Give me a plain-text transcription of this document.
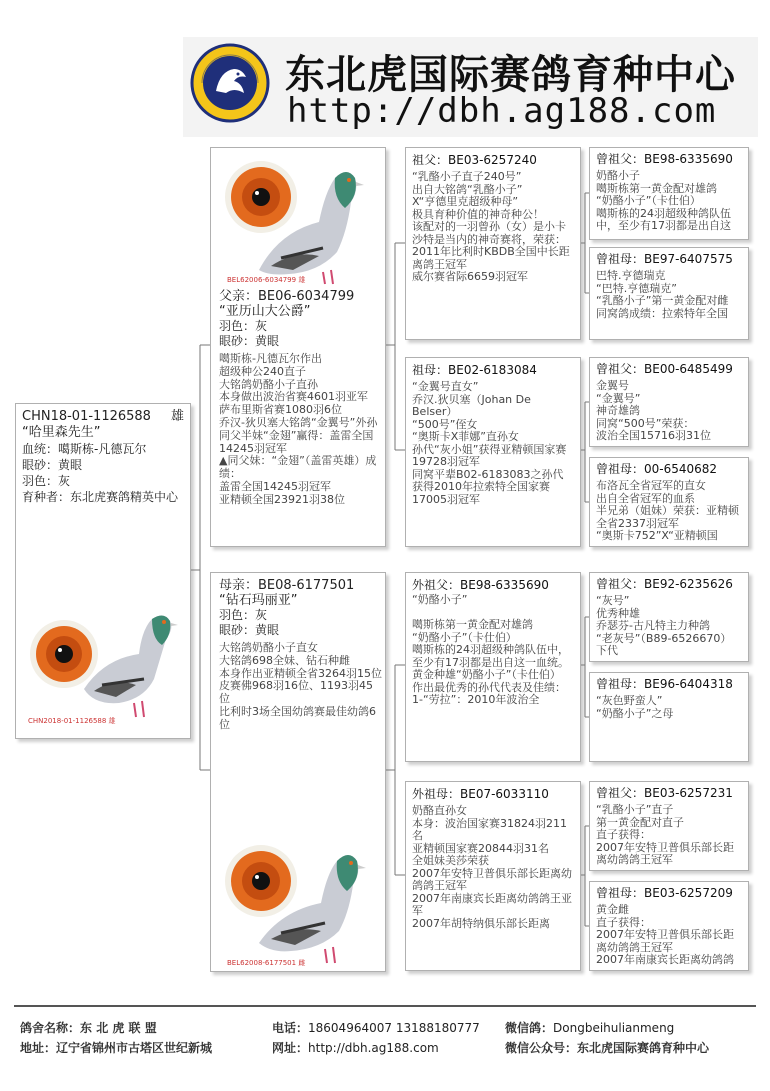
东北虎国际赛鸽育种中心
http://dbh.ag188.com
CHN18-01-1126588 雄
“哈里森先生”
血统：噶斯栋-凡德瓦尔
眼砂：黄眼
羽色：灰
育种者：东北虎赛鸽精英中心
CHN2018-01-1126588 雄
BEL62006-6034799 雄
父亲：BE06-6034799
“亚历山大公爵”
羽色：灰
眼砂：黄眼

噶斯栋-凡德瓦尔作出
超级种公240直子
大铭鸽奶酪小子直孙
本身做出波治省赛4601羽亚军
萨布里斯省赛1080羽6位
乔汉-狄贝塞大铭鸽“金翼号”外孙
同父半妹“金翅”赢得：盖雷全国14245羽冠军
▲同父妹：“金翅”（盖雷英雄）成绩：
盖雷全国14245羽冠军
亚精顿全国23921羽38位

母亲：BE08-6177501
“钻石玛丽亚”
羽色：灰
眼砂：黄眼

大铭鸽奶酪小子直女
大铭鸽698全妹、钻石种雌
本身作出亚精顿全省3264羽15位
皮赛佛968羽16位、1193羽45位
比利时3场全国幼鸽赛最佳幼鸽6位

BEL62008-6177501 雌
祖父：BE03-6257240

“乳酪小子直子240号”
出自大铭鸽“乳酪小子”
X“亨德里克超级种母”
极具育种价值的神奇种公！
该配对的一羽曾孙（女）是小卡沙特是当内的神奇赛将，荣获：
2011年比利时KBDB全国中长距离鸽王冠军
威尔赛省际6659羽冠军

祖母：BE02-6183084

“金翼号直女”
乔汉.狄贝塞（Johan De Belser）
“500号”侄女
“奥斯卡X菲娜”直孙女
孙代“灰小姐”获得亚精顿国家赛19728羽冠军
同窝平辈B02-6183083之孙代获得2010年拉索特全国家赛17005羽冠军

外祖父：BE98-6335690

“奶酪小子”

噶斯栋第一黄金配对雄鸽
“奶酪小子”（卡仕伯）
噶斯栋的24羽超级种鸽队伍中，至少有17羽都是出自这一血统。
黄金种雄“奶酪小子”（卡仕伯）
作出最优秀的孙代代表及佳绩：
1-“劳拉”：2010年波治全

外祖母：BE07-6033110

奶酪直孙女
本身：波治国家赛31824羽211名
亚精顿国家赛20844羽31名
全姐妹美莎荣获
2007年安特卫普俱乐部长距离幼鸽鸽王冠军
2007年南康宾长距离幼鸽鸽王亚军
2007年胡特纳俱乐部长距离

曾祖父：BE98-6335690

奶酪小子
噶斯栋第一黄金配对雄鸽
“奶酪小子”（卡仕伯）
噶斯栋的24羽超级种鸽队伍中，至少有17羽都是出自这

曾祖母：BE97-6407575

巴特.亨德瑞克
“巴特.亨德瑞克”
“乳酪小子”第一黄金配对雌
同窝鸽成绩：拉索特年全国

曾祖父：BE00-6485499

金翼号
“金翼号”
神奇雄鸽
同窝“500号”荣获：
波治全国15716羽31位

曾祖母：00-6540682

布洛瓦全省冠军的直女
出自全省冠军的血系
半兄弟（姐妹）荣获：亚精顿全省2337羽冠军
“奥斯卡752”X“亚精顿国

曾祖父：BE92-6235626

“灰号”
优秀种雄
乔瑟芬-古凡特主力种鸽
“老灰号”（B89-6526670）下代

曾祖母：BE96-6404318

“灰色野蛮人”
“奶酪小子”之母

曾祖父：BE03-6257231

“乳酪小子”直子
第一黄金配对直子
直子获得：
2007年安特卫普俱乐部长距离幼鸽鸽王冠军

曾祖母：BE03-6257209

黄金雌
直子获得：
2007年安特卫普俱乐部长距离幼鸽鸽王冠军
2007年南康宾长距离幼鸽鸽

鸽舍名称：东 北 虎 联 盟	电话：18604964007 13188180777 微信鸽：Dongbeihulianmeng
地址：辽宁省锦州市古塔区世纪新城	网址：http://dbh.ag188.com	微信公众号：东北虎国际赛鸽育种中心
